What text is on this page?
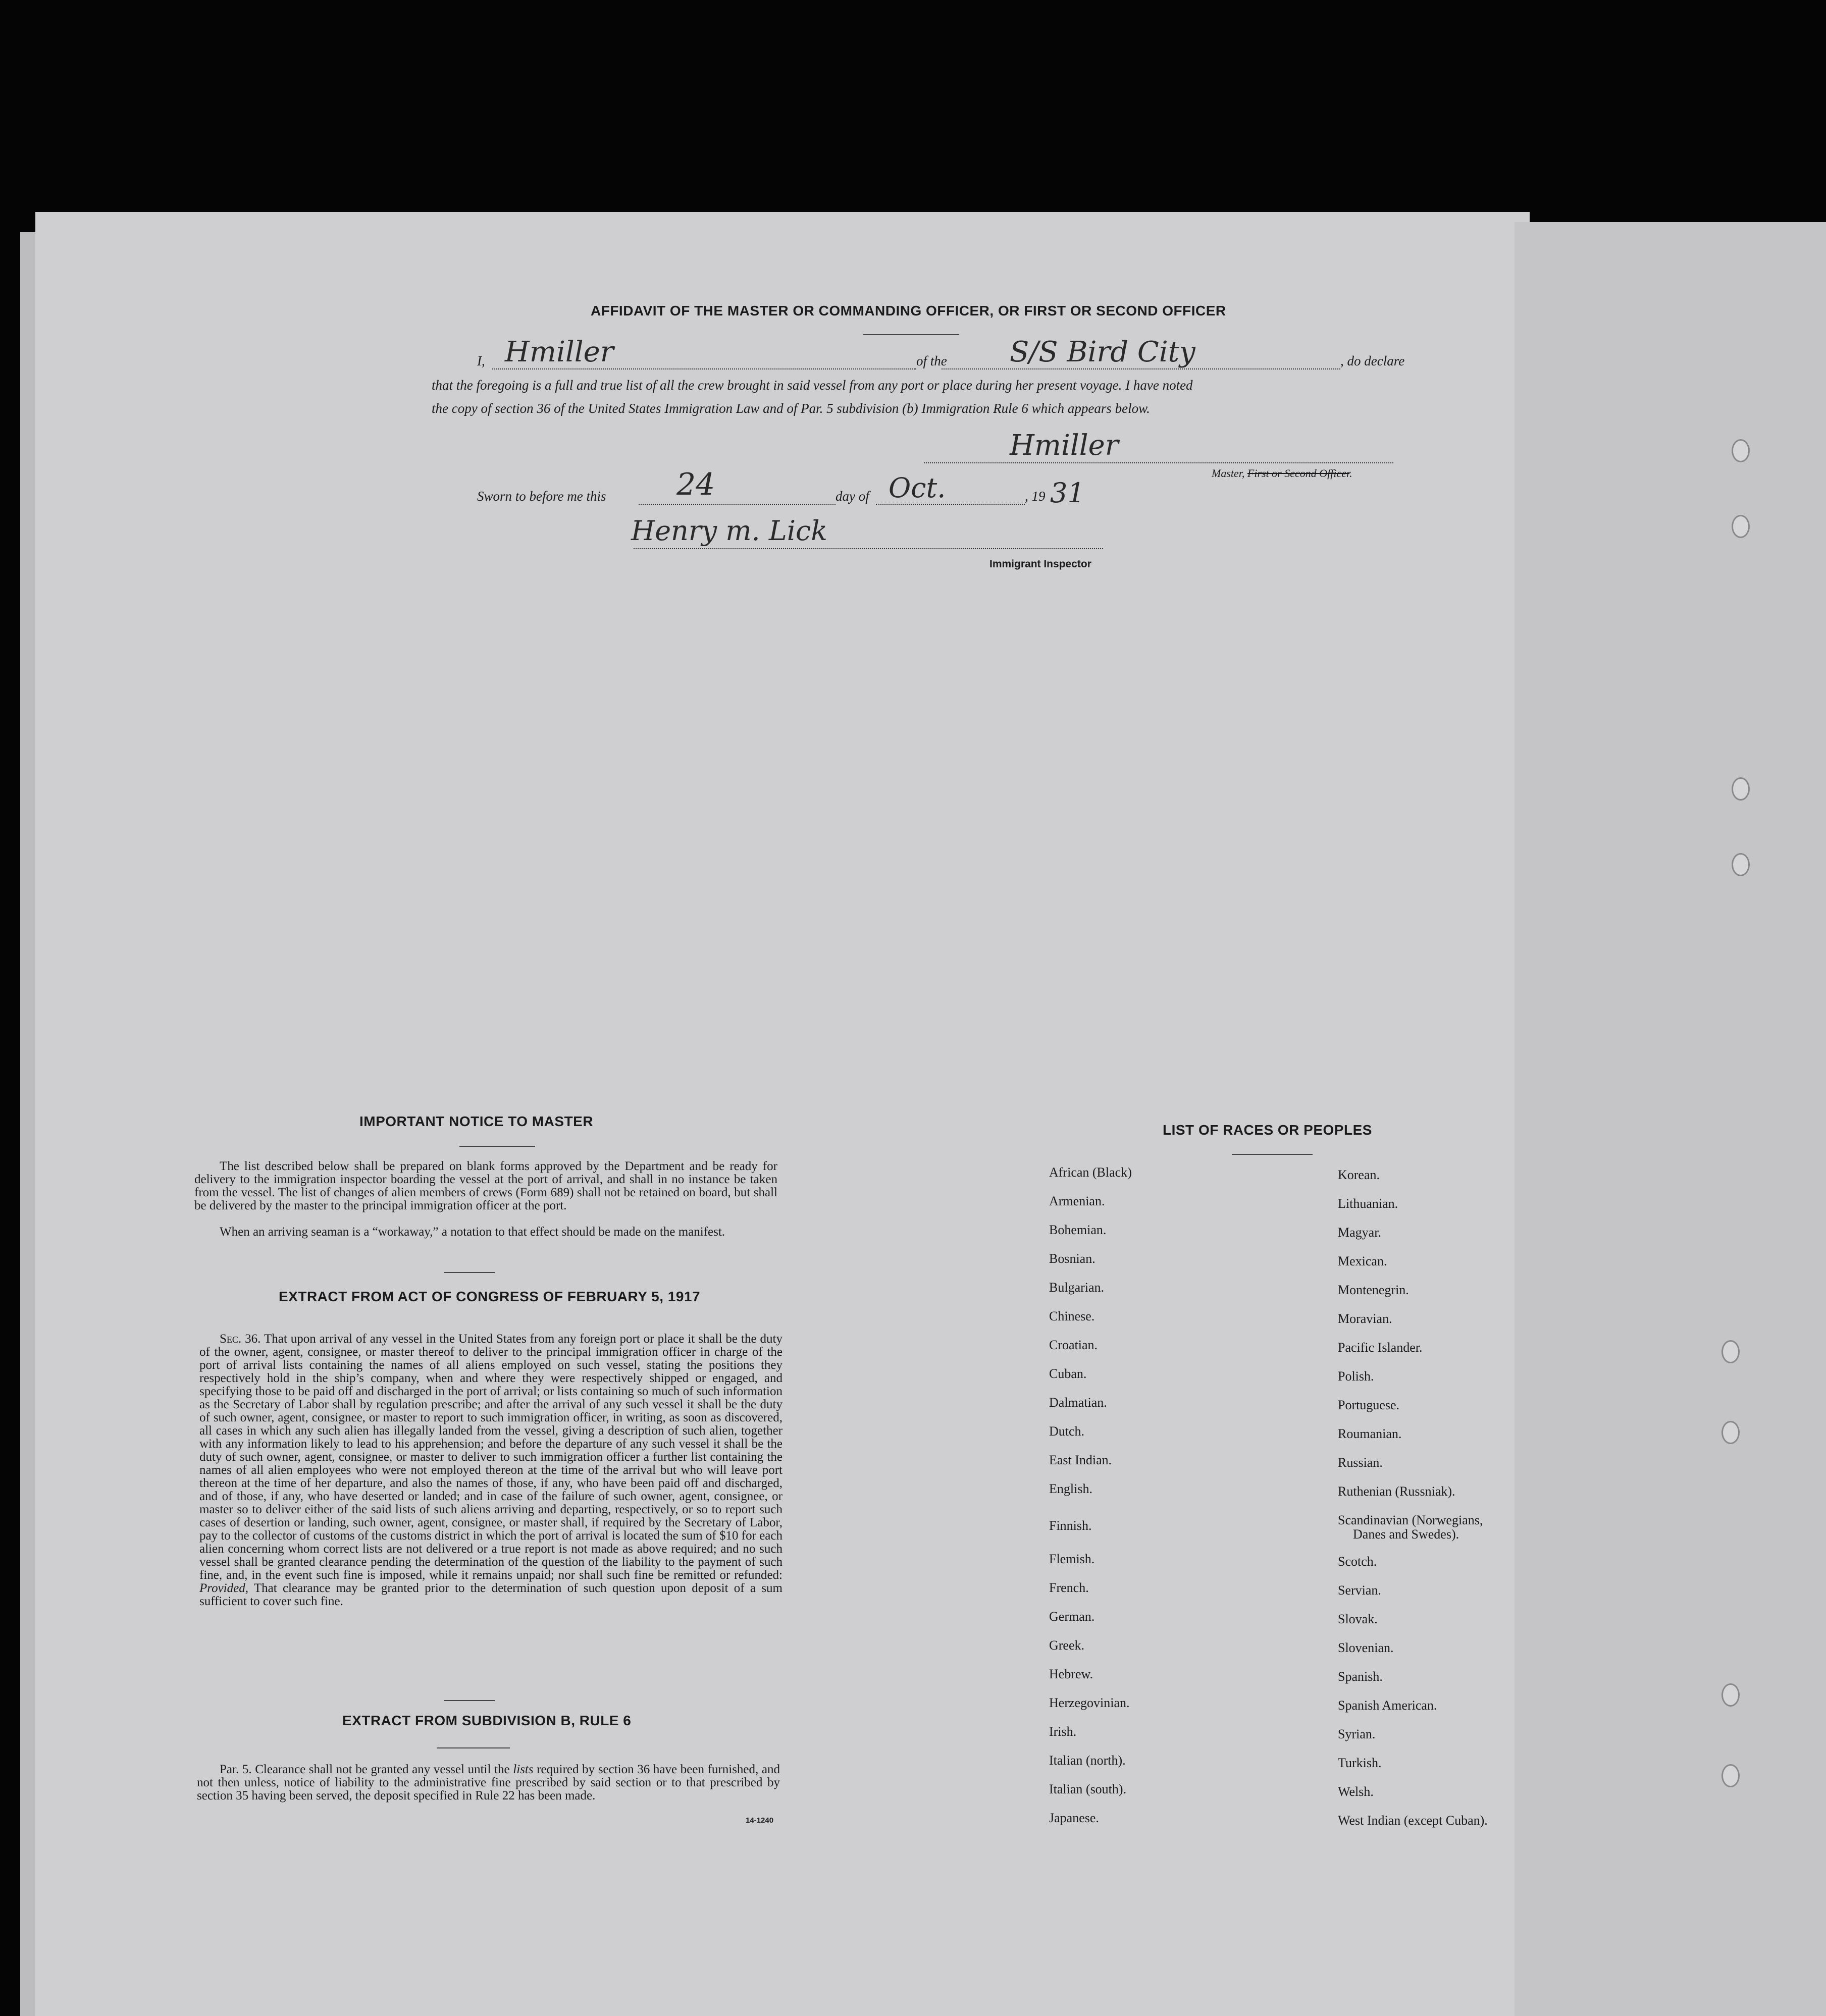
AFFIDAVIT OF THE MASTER OR COMMANDING OFFICER, OR FIRST OR SECOND OFFICER
I, Hmiller	of the S/S Bird City	, do declare
that the foregoing is a full and true list of all the crew brought in said vessel from any port or place during her present voyage. I have noted
the copy of section 36 of the United States Immigration Law and of Par. 5 subdivision (b) Immigration Rule 6 which appears below.
Hmiller
Master, First or Second Officer.
Sworn to before me this 24	day of Oct.	, 19 31
Henry m. Lick
Immigrant Inspector
IMPORTANT NOTICE TO MASTER
The list described below shall be prepared on blank forms approved by the Department and be ready for delivery to the immigration inspector boarding the vessel at the port of arrival, and shall in no instance be taken from the vessel. The list of changes of alien members of crews (Form 689) shall not be retained on board, but shall be delivered by the master to the principal immigration officer at the port.
When an arriving seaman is a “workaway,” a notation to that effect should be made on the manifest.
EXTRACT FROM ACT OF CONGRESS OF FEBRUARY 5, 1917
Sec. 36. That upon arrival of any vessel in the United States from any foreign port or place it shall be the duty of the owner, agent, consignee, or master thereof to deliver to the principal immigration officer in charge of the port of arrival lists containing the names of all aliens employed on such vessel, stating the positions they respectively hold in the ship’s company, when and where they were respectively shipped or engaged, and specifying those to be paid off and discharged in the port of arrival; or lists containing so much of such information as the Secretary of Labor shall by regulation prescribe; and after the arrival of any such vessel it shall be the duty of such owner, agent, consignee, or master to report to such immigration officer, in writing, as soon as discovered, all cases in which any such alien has illegally landed from the vessel, giving a description of such alien, together with any information likely to lead to his apprehension; and before the departure of any such vessel it shall be the duty of such owner, agent, consignee, or master to deliver to such immigration officer a further list containing the names of all alien employees who were not employed thereon at the time of the arrival but who will leave port thereon at the time of her departure, and also the names of those, if any, who have been paid off and discharged, and of those, if any, who have deserted or landed; and in case of the failure of such owner, agent, consignee, or master so to deliver either of the said lists of such aliens arriving and departing, respectively, or so to report such cases of desertion or landing, such owner, agent, consignee, or master shall, if required by the Secretary of Labor, pay to the collector of customs of the customs district in which the port of arrival is located the sum of $10 for each alien concerning whom correct lists are not delivered or a true report is not made as above required; and no such vessel shall be granted clearance pending the determination of the question of the liability to the payment of such fine, and, in the event such fine is imposed, while it remains unpaid; nor shall such fine be remitted or refunded: Provided, That clearance may be granted prior to the determination of such question upon deposit of a sum sufficient to cover such fine.
EXTRACT FROM SUBDIVISION B, RULE 6
Par. 5. Clearance shall not be granted any vessel until the lists required by section 36 have been furnished, and not then unless, notice of liability to the administrative fine prescribed by said section or to that prescribed by section 35 having been served, the deposit specified in Rule 22 has been made.
14-1240
LIST OF RACES OR PEOPLES
African (Black)
Armenian.
Bohemian.
Bosnian.
Bulgarian.
Chinese.
Croatian.
Cuban.
Dalmatian.
Dutch.
East Indian.
English.
Finnish.
Flemish.
French.
German.
Greek.
Hebrew.
Herzegovinian.
Irish.
Italian (north).
Italian (south).
Japanese.
Korean.
Lithuanian.
Magyar.
Mexican.
Montenegrin.
Moravian.
Pacific Islander.
Polish.
Portuguese.
Roumanian.
Russian.
Ruthenian (Russniak).
Scandinavian (Norwegians,
Danes and Swedes).
Scotch.
Servian.
Slovak.
Slovenian.
Spanish.
Spanish American.
Syrian.
Turkish.
Welsh.
West Indian (except Cuban).
